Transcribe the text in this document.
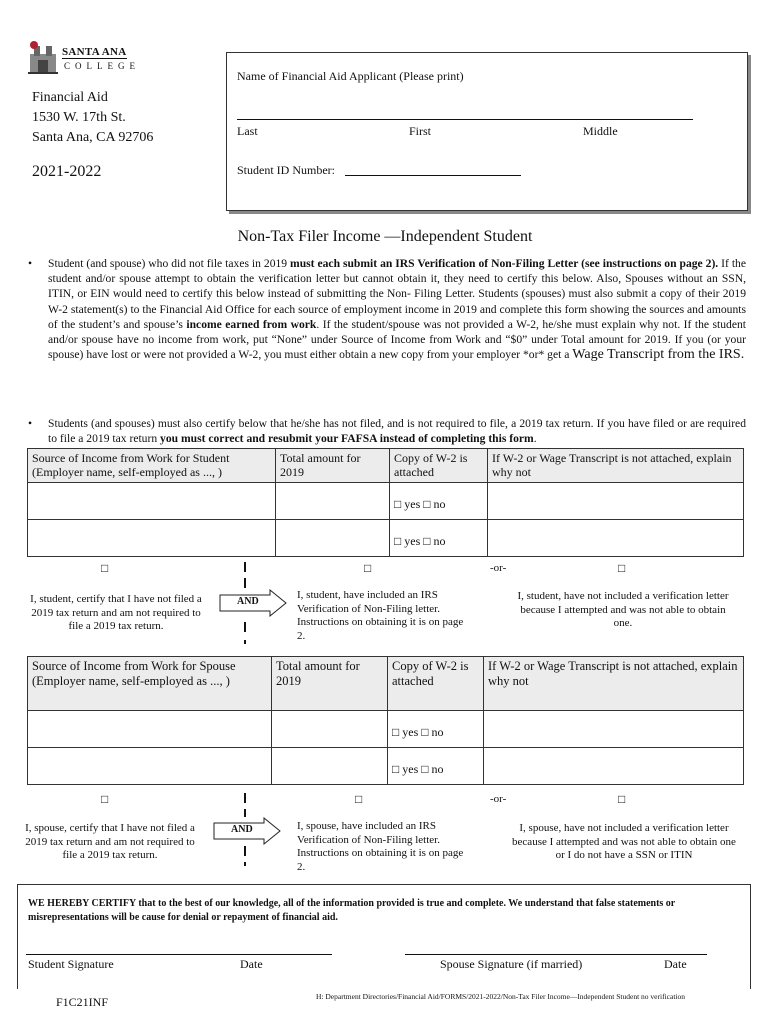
SANTA ANA
COLLEGE
Financial Aid
1530 W. 17th St.
Santa Ana, CA 92706
2021-2022
Name of Financial Aid Applicant (Please print)
Last	First	Middle
Student ID Number:
Non-Tax Filer Income —Independent Student
• Student (and spouse) who did not file taxes in 2019 must each submit an IRS Verification of Non-Filing Letter (see instructions on page 2). If the student and/or spouse attempt to obtain the verification letter but cannot obtain it, they need to certify this below. Also, Spouses without an SSN, ITIN, or EIN would need to certify this below instead of submitting the Non- Filing Letter. Students (spouses) must also submit a copy of their 2019 W-2 statement(s) to the Financial Aid Office for each source of employment income in 2019 and complete this form showing the sources and amounts of the student’s and spouse’s income earned from work. If the student/spouse was not provided a W-2, he/she must explain why not. If the student and/or spouse have no income from work, put “None” under Source of Income from Work and “$0” under Total amount for 2019. If you (or your spouse) have lost or were not provided a W-2, you must either obtain a new copy from your employer *or* get a Wage Transcript from the IRS.
• Students (and spouses) must also certify below that he/she has not filed, and is not required to file, a 2019 tax return. If you have filed or are required to file a 2019 tax return you must correct and resubmit your FAFSA instead of completing this form.
Source of Income from Work for Student (Employer name, self-employed as ..., )	Total amount for 2019	Copy of W-2 is attached	If W-2 or Wage Transcript is not attached, explain why not
		□ yes □ no	
		□ yes □ no	
□	□	-or-	□
I, student, certify that I have not filed a 2019 tax return and am not required to file a 2019 tax return.
AND
I, student, have included an IRS Verification of Non-Filing letter. Instructions on obtaining it is on page 2.
I, student, have not included a verification letter because I attempted and was not able to obtain one.
Source of Income from Work for Spouse (Employer name, self-employed as ..., )	Total amount for 2019	Copy of W-2 is attached	If W-2 or Wage Transcript is not attached, explain why not
		□ yes □ no	
		□ yes □ no	
□	□	-or-	□
I, spouse, certify that I have not filed a 2019 tax return and am not required to file a 2019 tax return.
AND	I, spouse, have included an IRS Verification of Non-Filing letter. Instructions on obtaining it is on page 2.
I, spouse, have not included a verification letter because I attempted and was not able to obtain one or I do not have a SSN or ITIN
WE HEREBY CERTIFY that to the best of our knowledge, all of the information provided is true and complete. We understand that false statements or misrepresentations will be cause for denial or repayment of financial aid.
Student Signature	Date	Spouse Signature (if married)	Date
F1C21INF	H: Department Directories/Financial Aid/FORMS/2021-2022/Non-Tax Filer Income—Independent Student no verification
